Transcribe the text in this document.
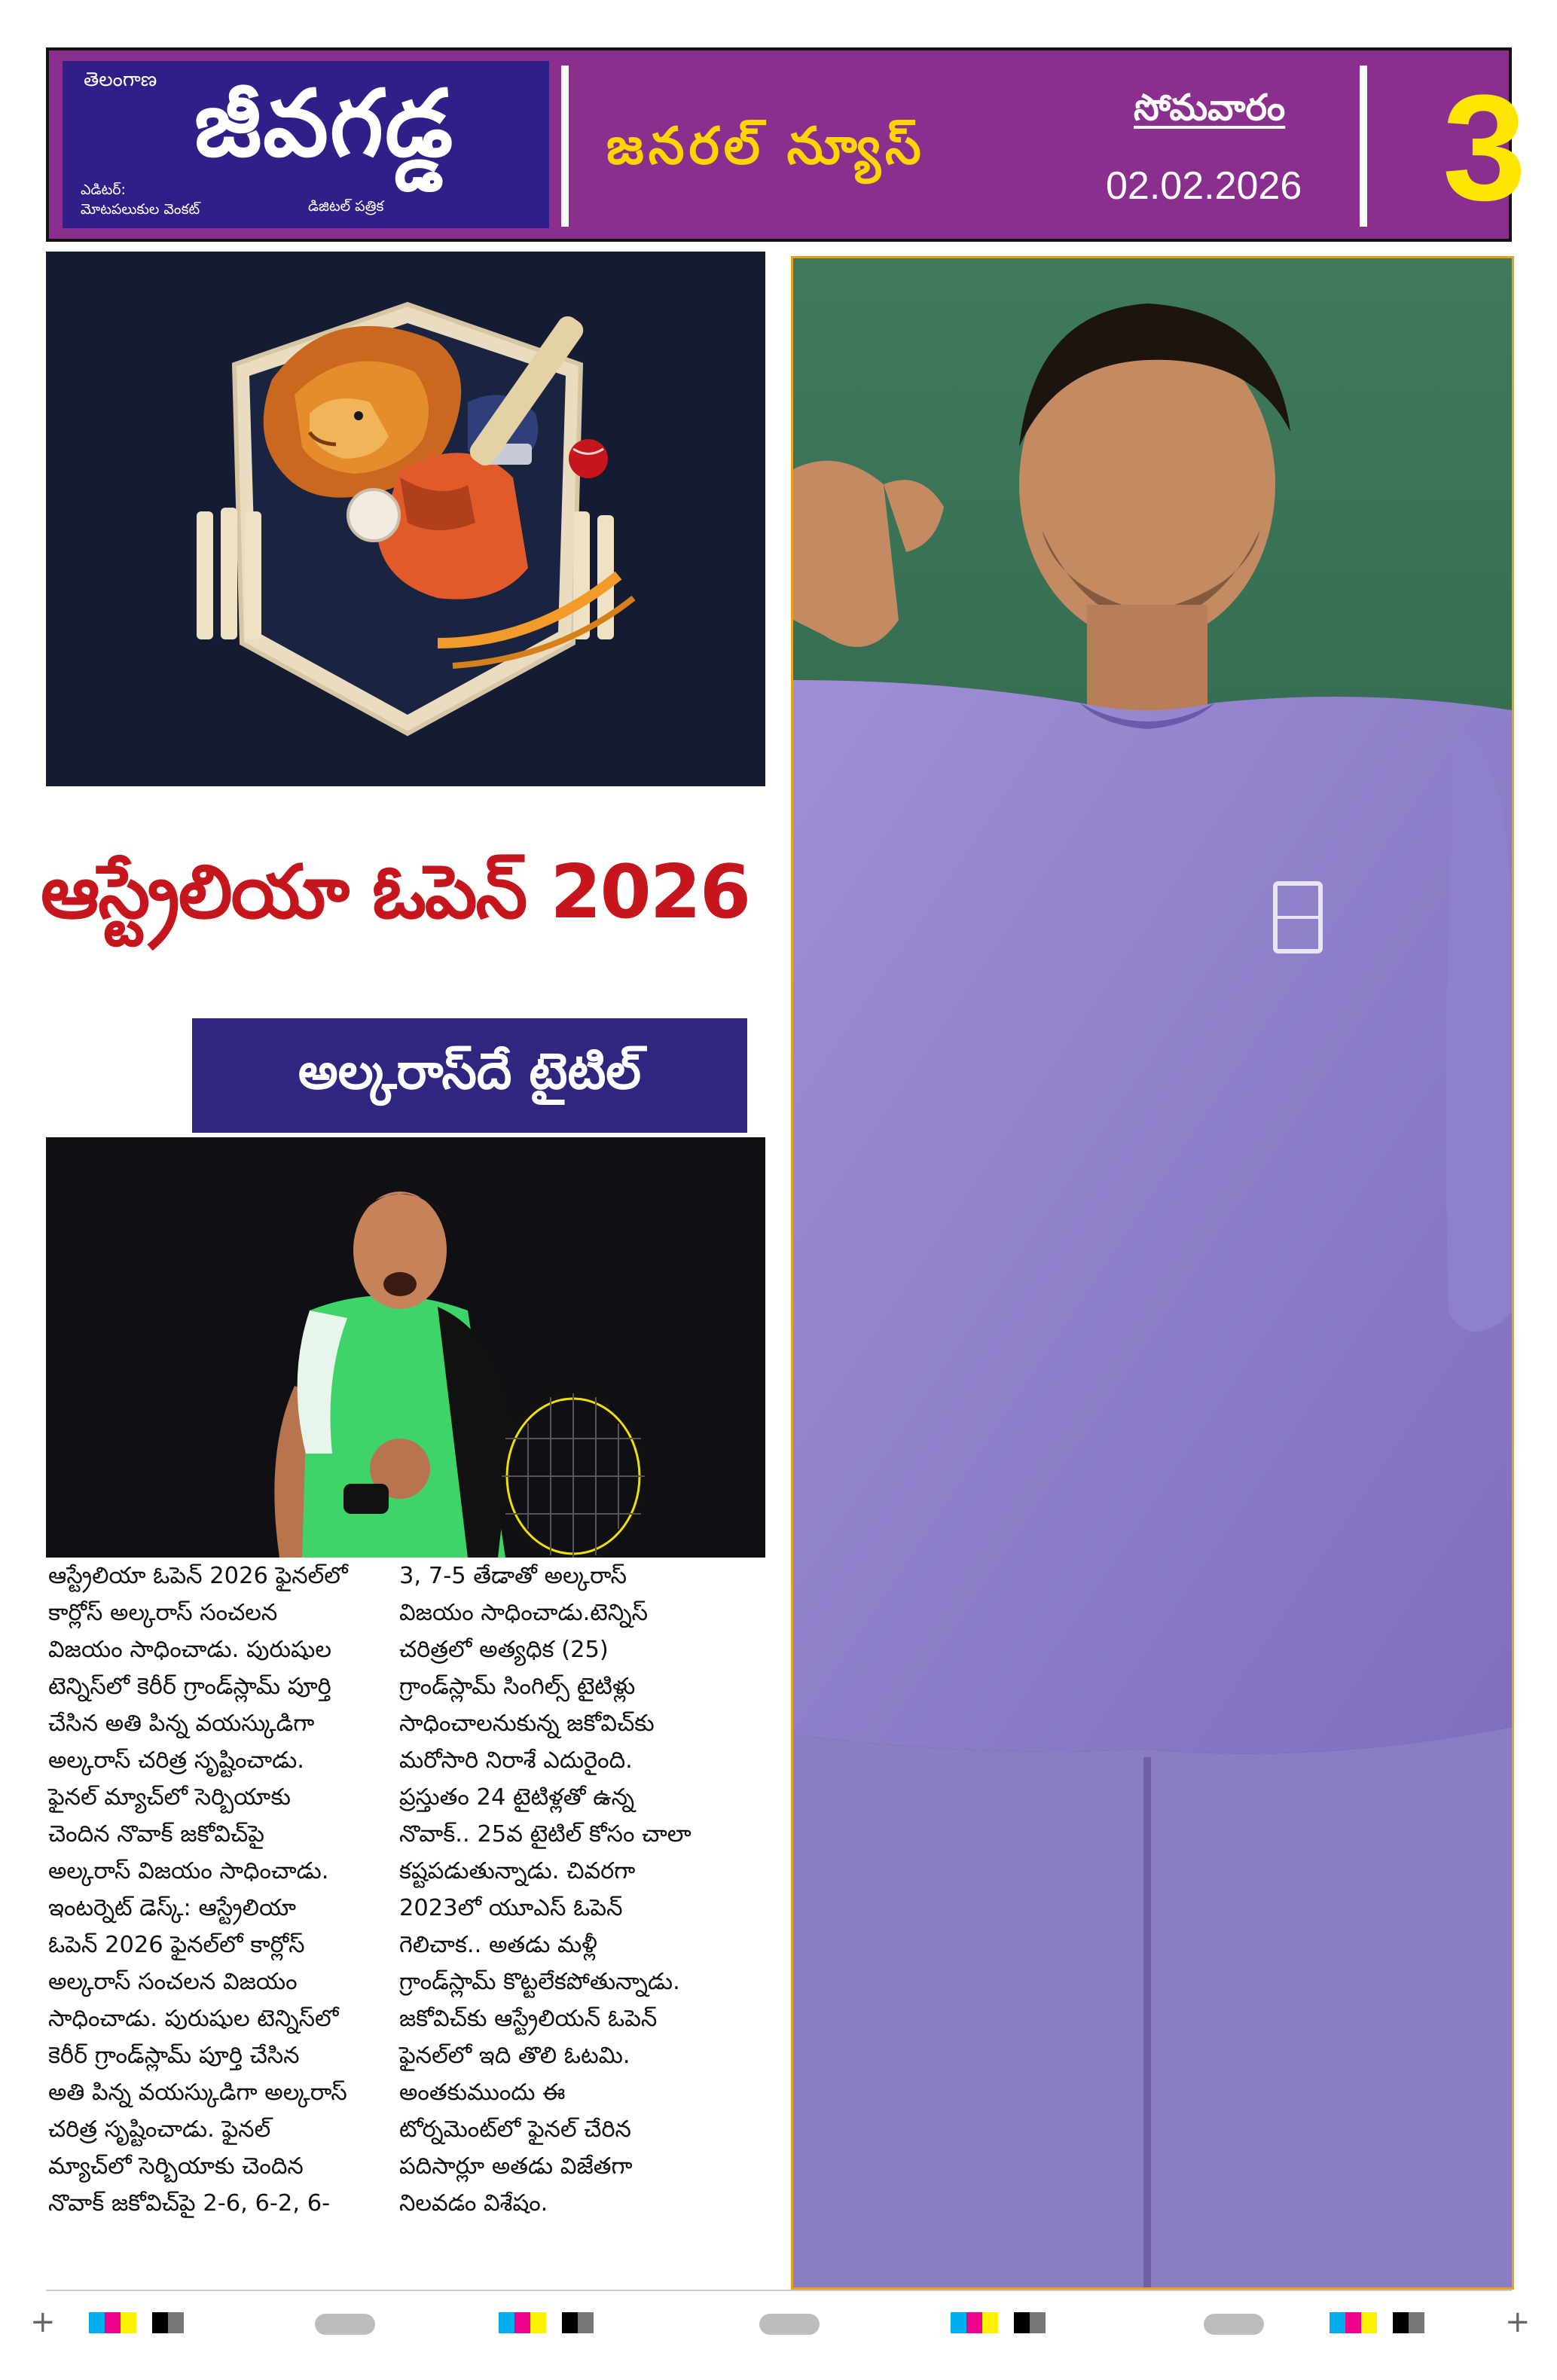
తెలంగాణ జీవగడ్డ
ఎడిటర్:
మోటపలుకుల వెంకట్	డిజిటల్ పత్రిక
జనరల్ న్యూస్
సోమవారం
02.02.2026 3
ఆస్ట్రేలియా ఓపెన్ 2026
అల్కరాస్‌దే టైటిల్
ఆస్ట్రేలియా ఓపెన్ 2026 ఫైనల్‌లో
కార్లోస్ అల్కరాస్ సంచలన
విజయం సాధించాడు. పురుషుల
టెన్నిస్‌లో కెరీర్ గ్రాండ్‌స్లామ్ పూర్తి
చేసిన అతి పిన్న వయస్కుడిగా
అల్కరాస్ చరిత్ర సృష్టించాడు.
ఫైనల్ మ్యాచ్‌లో సెర్బియాకు
చెందిన నొవాక్ జకోవిచ్‌పై
అల్కరాస్ విజయం సాధించాడు.
ఇంటర్నెట్ డెస్క్: ఆస్ట్రేలియా
ఓపెన్ 2026 ఫైనల్‌లో కార్లోస్
అల్కరాస్ సంచలన విజయం
సాధించాడు. పురుషుల టెన్నిస్‌లో
కెరీర్ గ్రాండ్‌స్లామ్ పూర్తి చేసిన
అతి పిన్న వయస్కుడిగా అల్కరాస్
చరిత్ర సృష్టించాడు. ఫైనల్
మ్యాచ్‌లో సెర్బియాకు చెందిన
నొవాక్ జకోవిచ్‌పై 2-6, 6-2, 6-
3, 7-5 తేడాతో అల్కరాస్
విజయం సాధించాడు.టెన్నిస్
చరిత్రలో అత్యధిక (25)
గ్రాండ్‌స్లామ్ సింగిల్స్ టైటిళ్లు
సాధించాలనుకున్న జకోవిచ్‌కు
మరోసారి నిరాశే ఎదురైంది.
ప్రస్తుతం 24 టైటిళ్లతో ఉన్న
నొవాక్.. 25వ టైటిల్ కోసం చాలా
కష్టపడుతున్నాడు. చివరగా
2023లో యూఎస్ ఓపెన్
గెలిచాక.. అతడు మళ్లీ
గ్రాండ్‌స్లామ్ కొట్టలేకపోతున్నాడు.
జకోవిచ్‌కు ఆస్ట్రేలియన్ ఓపెన్
ఫైనల్‌లో ఇది తొలి ఓటమి.
అంతకుముందు ఈ
టోర్నమెంట్‌లో ఫైనల్ చేరిన
పదిసార్లూ అతడు విజేతగా
నిలవడం విశేషం.
+	+
